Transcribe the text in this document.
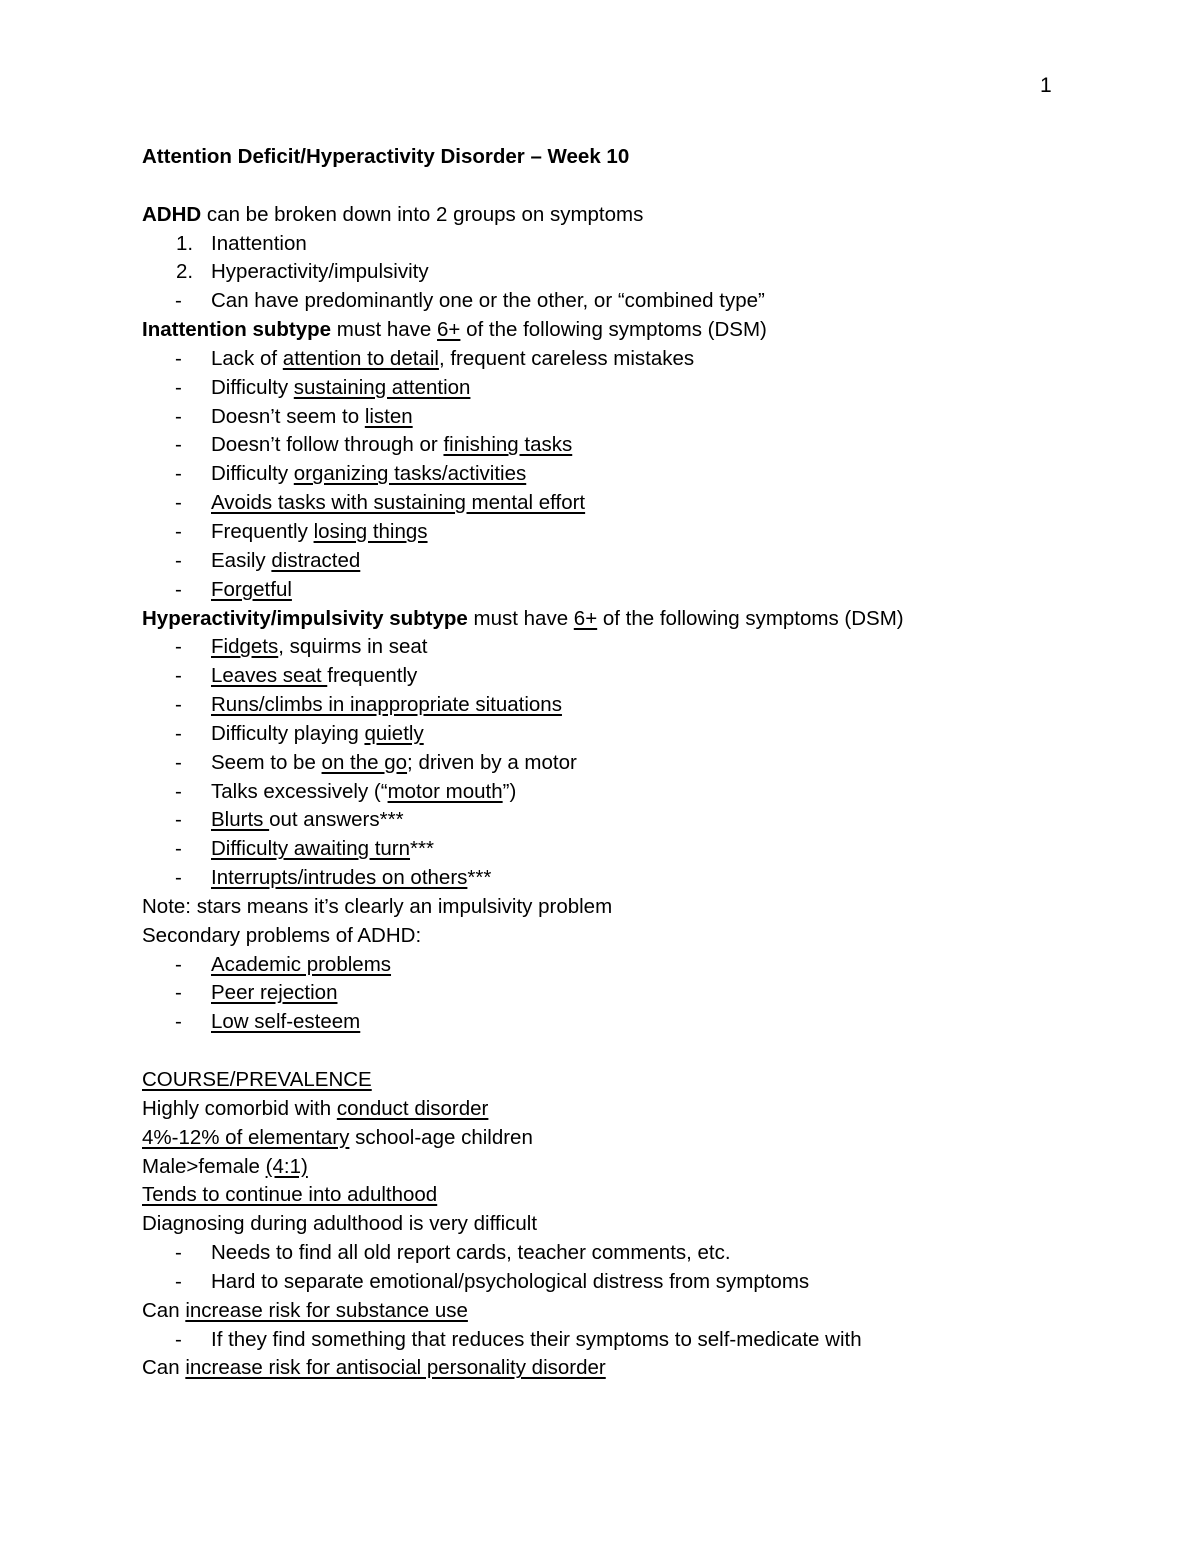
1
Attention Deficit/Hyperactivity Disorder – Week 10
ADHD can be broken down into 2 groups on symptoms
1. Inattention
2. Hyperactivity/impulsivity
-	Can have predominantly one or the other, or “combined type”
Inattention subtype must have 6+ of the following symptoms (DSM)
-	Lack of attention to detail, frequent careless mistakes
-	Difficulty sustaining attention
-	Doesn’t seem to listen
-	Doesn’t follow through or finishing tasks
-	Difficulty organizing tasks/activities
-	Avoids tasks with sustaining mental effort
-	Frequently losing things
-	Easily distracted
-	Forgetful
Hyperactivity/impulsivity subtype must have 6+ of the following symptoms (DSM)
-	Fidgets, squirms in seat
-	Leaves seat frequently
-	Runs/climbs in inappropriate situations
-	Difficulty playing quietly
-	Seem to be on the go; driven by a motor
-	Talks excessively (“motor mouth”)
-	Blurts out answers***
-	Difficulty awaiting turn***
-	Interrupts/intrudes on others***
Note: stars means it’s clearly an impulsivity problem
Secondary problems of ADHD:
-	Academic problems
-	Peer rejection
-	Low self-esteem
COURSE/PREVALENCE
Highly comorbid with conduct disorder
4%-12% of elementary school-age children
Male>female (4:1)
Tends to continue into adulthood
Diagnosing during adulthood is very difficult
-	Needs to find all old report cards, teacher comments, etc.
-	Hard to separate emotional/psychological distress from symptoms
Can increase risk for substance use
-	If they find something that reduces their symptoms to self-medicate with
Can increase risk for antisocial personality disorder
